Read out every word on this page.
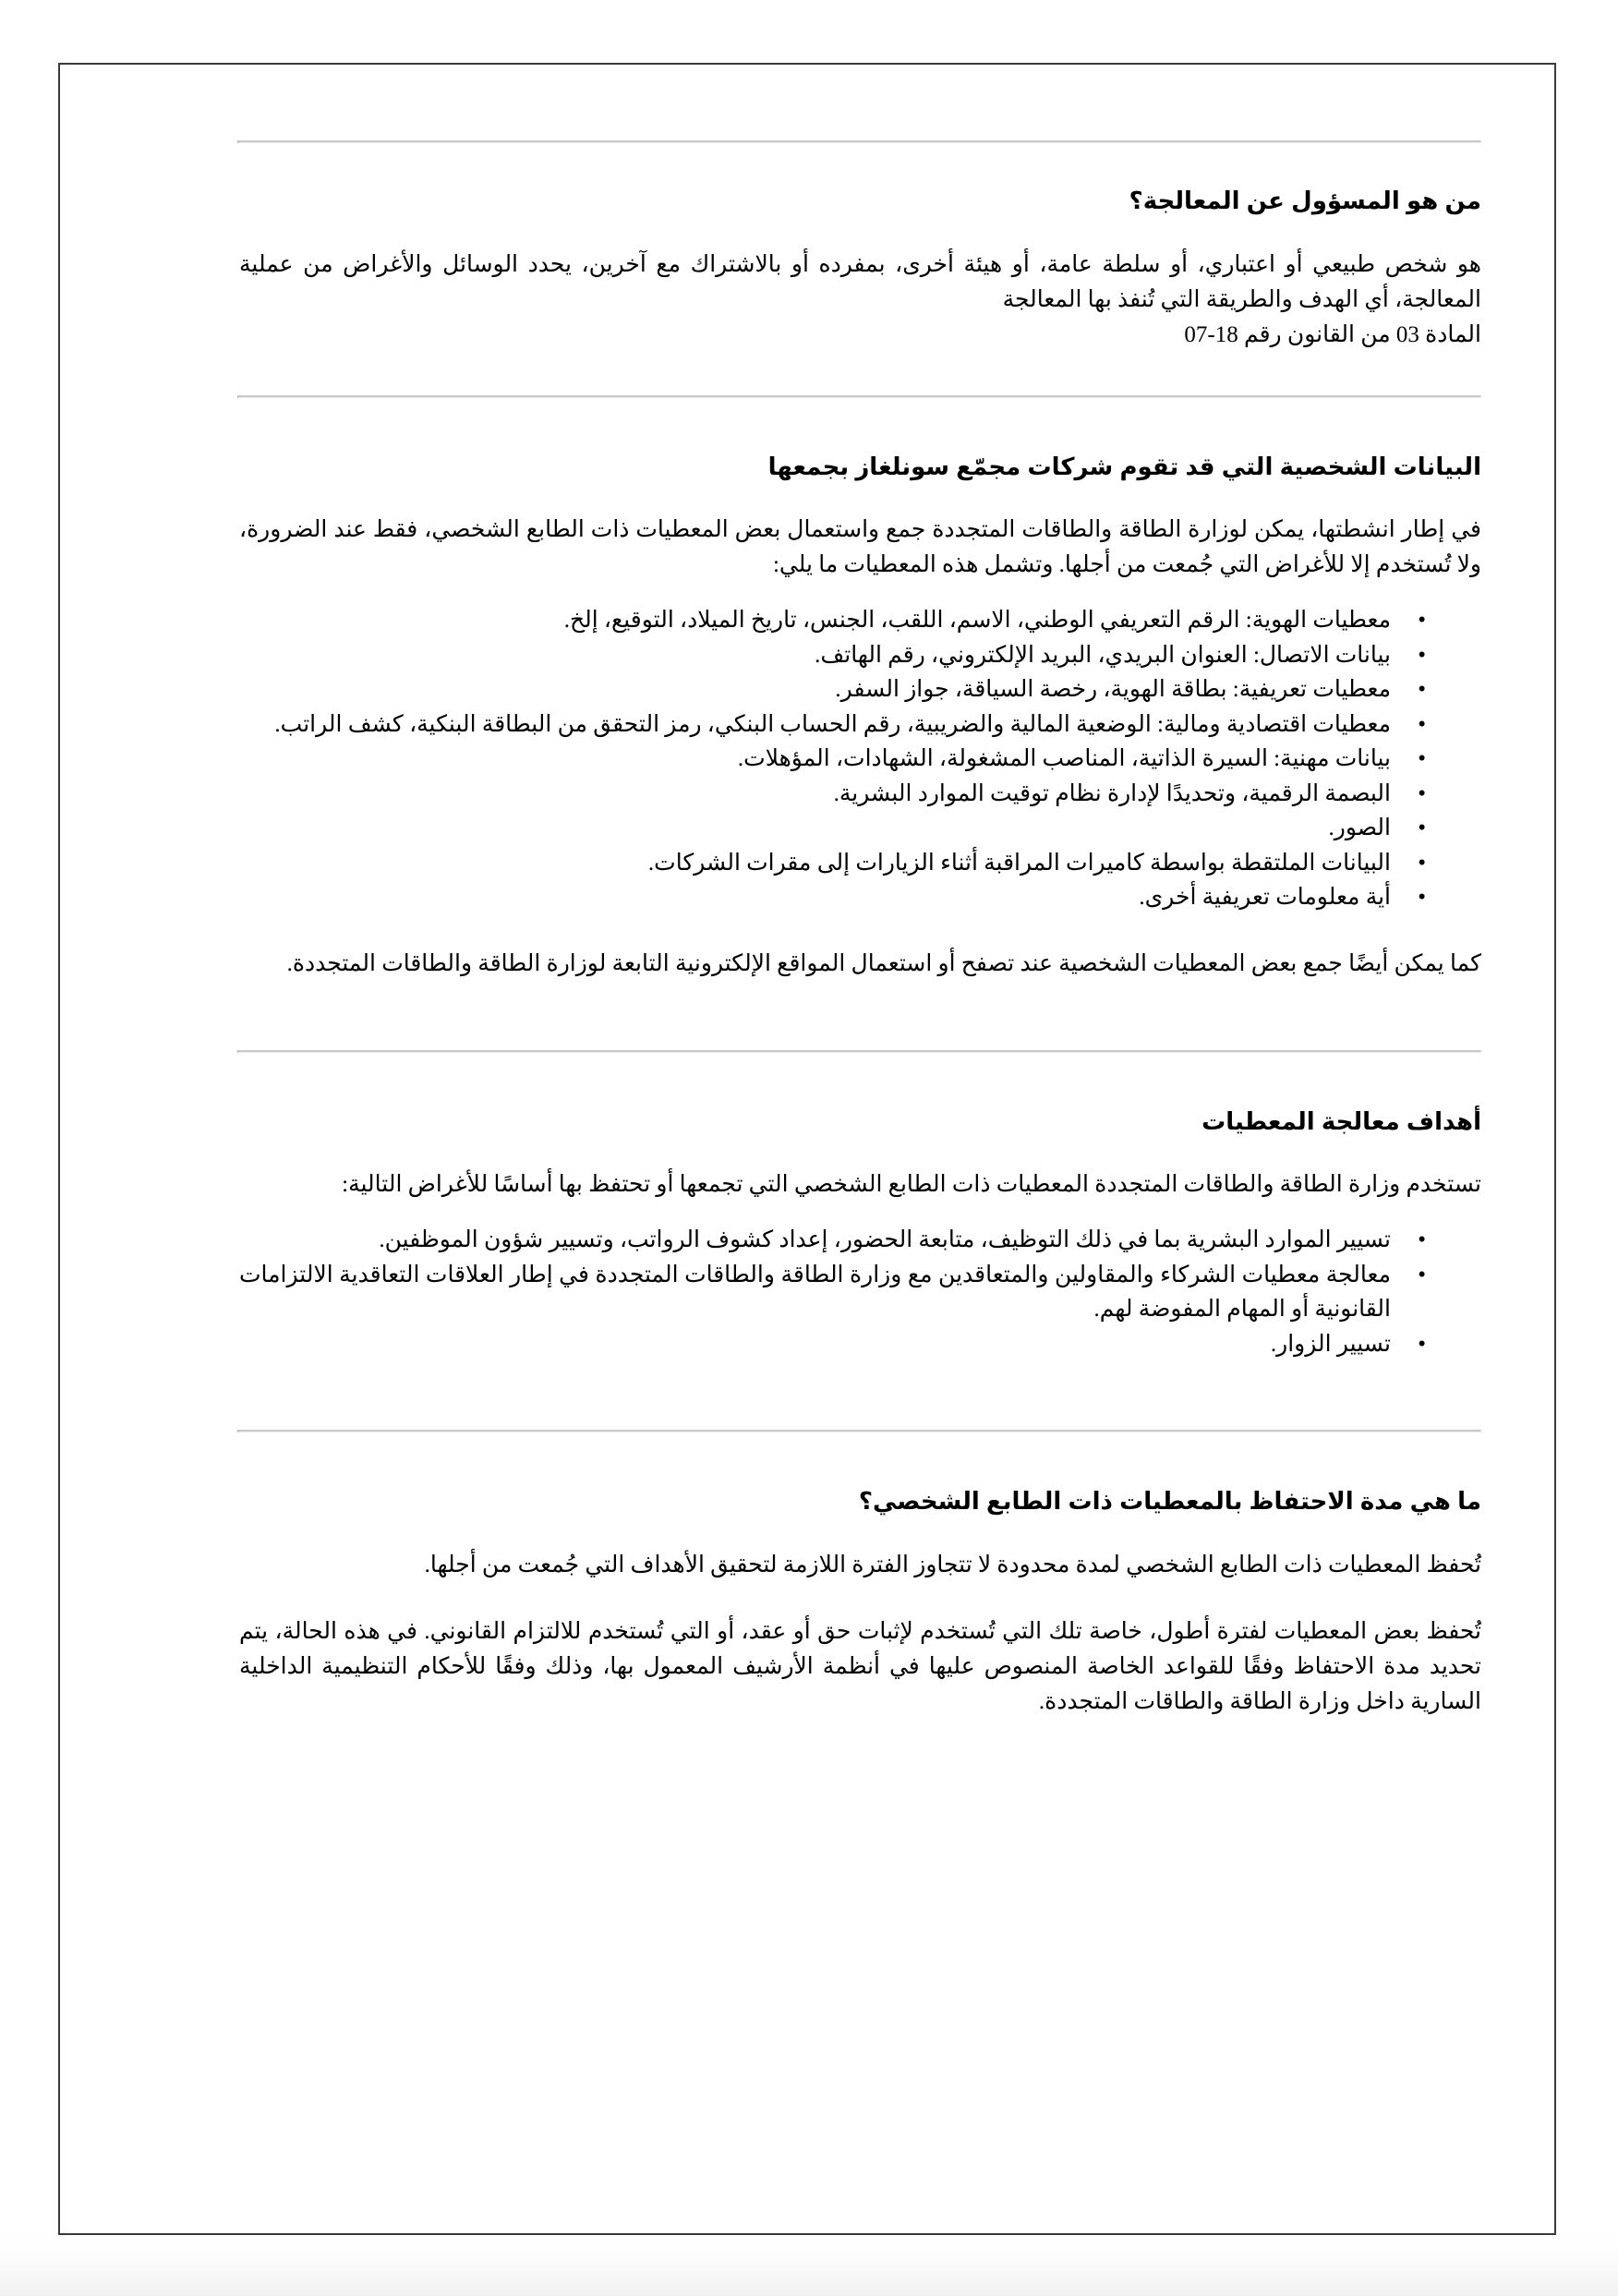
من هو المسؤول عن المعالجة؟

هو شخص طبيعي أو اعتباري، أو سلطة عامة، أو هيئة أخرى، بمفرده أو بالاشتراك مع آخرين، يحدد الوسائل والأغراض من عملية المعالجة، أي الهدف والطريقة التي تُنفذ بها المعالجة

المادة 03 من القانون رقم 18-07

البيانات الشخصية التي قد تقوم شركات مجمّع سونلغاز بجمعها

في إطار انشطتها، يمكن لوزارة الطاقة والطاقات المتجددة جمع واستعمال بعض المعطيات ذات الطابع الشخصي، فقط عند الضرورة، ولا تُستخدم إلا للأغراض التي جُمعت من أجلها. وتشمل هذه المعطيات ما يلي:

• معطيات الهوية: الرقم التعريفي الوطني، الاسم، اللقب، الجنس، تاريخ الميلاد، التوقيع، إلخ.
• بيانات الاتصال: العنوان البريدي، البريد الإلكتروني، رقم الهاتف.
• معطيات تعريفية: بطاقة الهوية، رخصة السياقة، جواز السفر.
• معطيات اقتصادية ومالية: الوضعية المالية والضريبية، رقم الحساب البنكي، رمز التحقق من البطاقة البنكية، كشف الراتب.
• بيانات مهنية: السيرة الذاتية، المناصب المشغولة، الشهادات، المؤهلات.
• البصمة الرقمية، وتحديدًا لإدارة نظام توقيت الموارد البشرية.
• الصور.
• البيانات الملتقطة بواسطة كاميرات المراقبة أثناء الزيارات إلى مقرات الشركات.
• أية معلومات تعريفية أخرى.

كما يمكن أيضًا جمع بعض المعطيات الشخصية عند تصفح أو استعمال المواقع الإلكترونية التابعة لوزارة الطاقة والطاقات المتجددة.

أهداف معالجة المعطيات

تستخدم وزارة الطاقة والطاقات المتجددة المعطيات ذات الطابع الشخصي التي تجمعها أو تحتفظ بها أساسًا للأغراض التالية:

• تسيير الموارد البشرية بما في ذلك التوظيف، متابعة الحضور، إعداد كشوف الرواتب، وتسيير شؤون الموظفين.
• معالجة معطيات الشركاء والمقاولين والمتعاقدين مع وزارة الطاقة والطاقات المتجددة في إطار العلاقات التعاقدية الالتزامات القانونية أو المهام المفوضة لهم.
• تسيير الزوار.
ما هي مدة الاحتفاظ بالمعطيات ذات الطابع الشخصي؟

تُحفظ المعطيات ذات الطابع الشخصي لمدة محدودة لا تتجاوز الفترة اللازمة لتحقيق الأهداف التي جُمعت من أجلها.

تُحفظ بعض المعطيات لفترة أطول، خاصة تلك التي تُستخدم لإثبات حق أو عقد، أو التي تُستخدم للالتزام القانوني. في هذه الحالة، يتم تحديد مدة الاحتفاظ وفقًا للقواعد الخاصة المنصوص عليها في أنظمة الأرشيف المعمول بها، وذلك وفقًا للأحكام التنظيمية الداخلية السارية داخل وزارة الطاقة والطاقات المتجددة.
